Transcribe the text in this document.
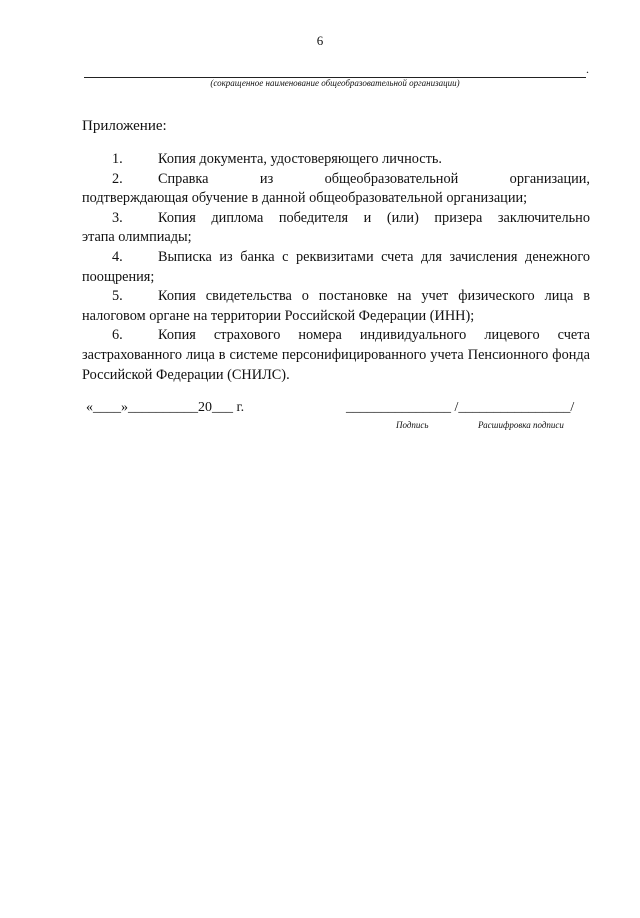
6
.
(сокращенное наименование общеобразовательной организации)
Приложение:
1. Копия документа, удостоверяющего личность.
2. Справка из общеобразовательной организации,
подтверждающая обучение в данной общеобразовательной организации;
3. Копия диплома победителя и (или) призера заключительно
этапа олимпиады;
4. Выписка из банка с реквизитами счета для зачисления денежного
поощрения;
5. Копия свидетельства о постановке на учет физического лица в
налоговом органе на территории Российской Федерации (ИНН);
6. Копия страхового номера индивидуального лицевого счета
застрахованного лица в системе персонифицированного учета Пенсионного фонда Российской Федерации (СНИЛС).
«____»__________20___ г.	_______________ /________________/
Подпись	Расшифровка подписи
